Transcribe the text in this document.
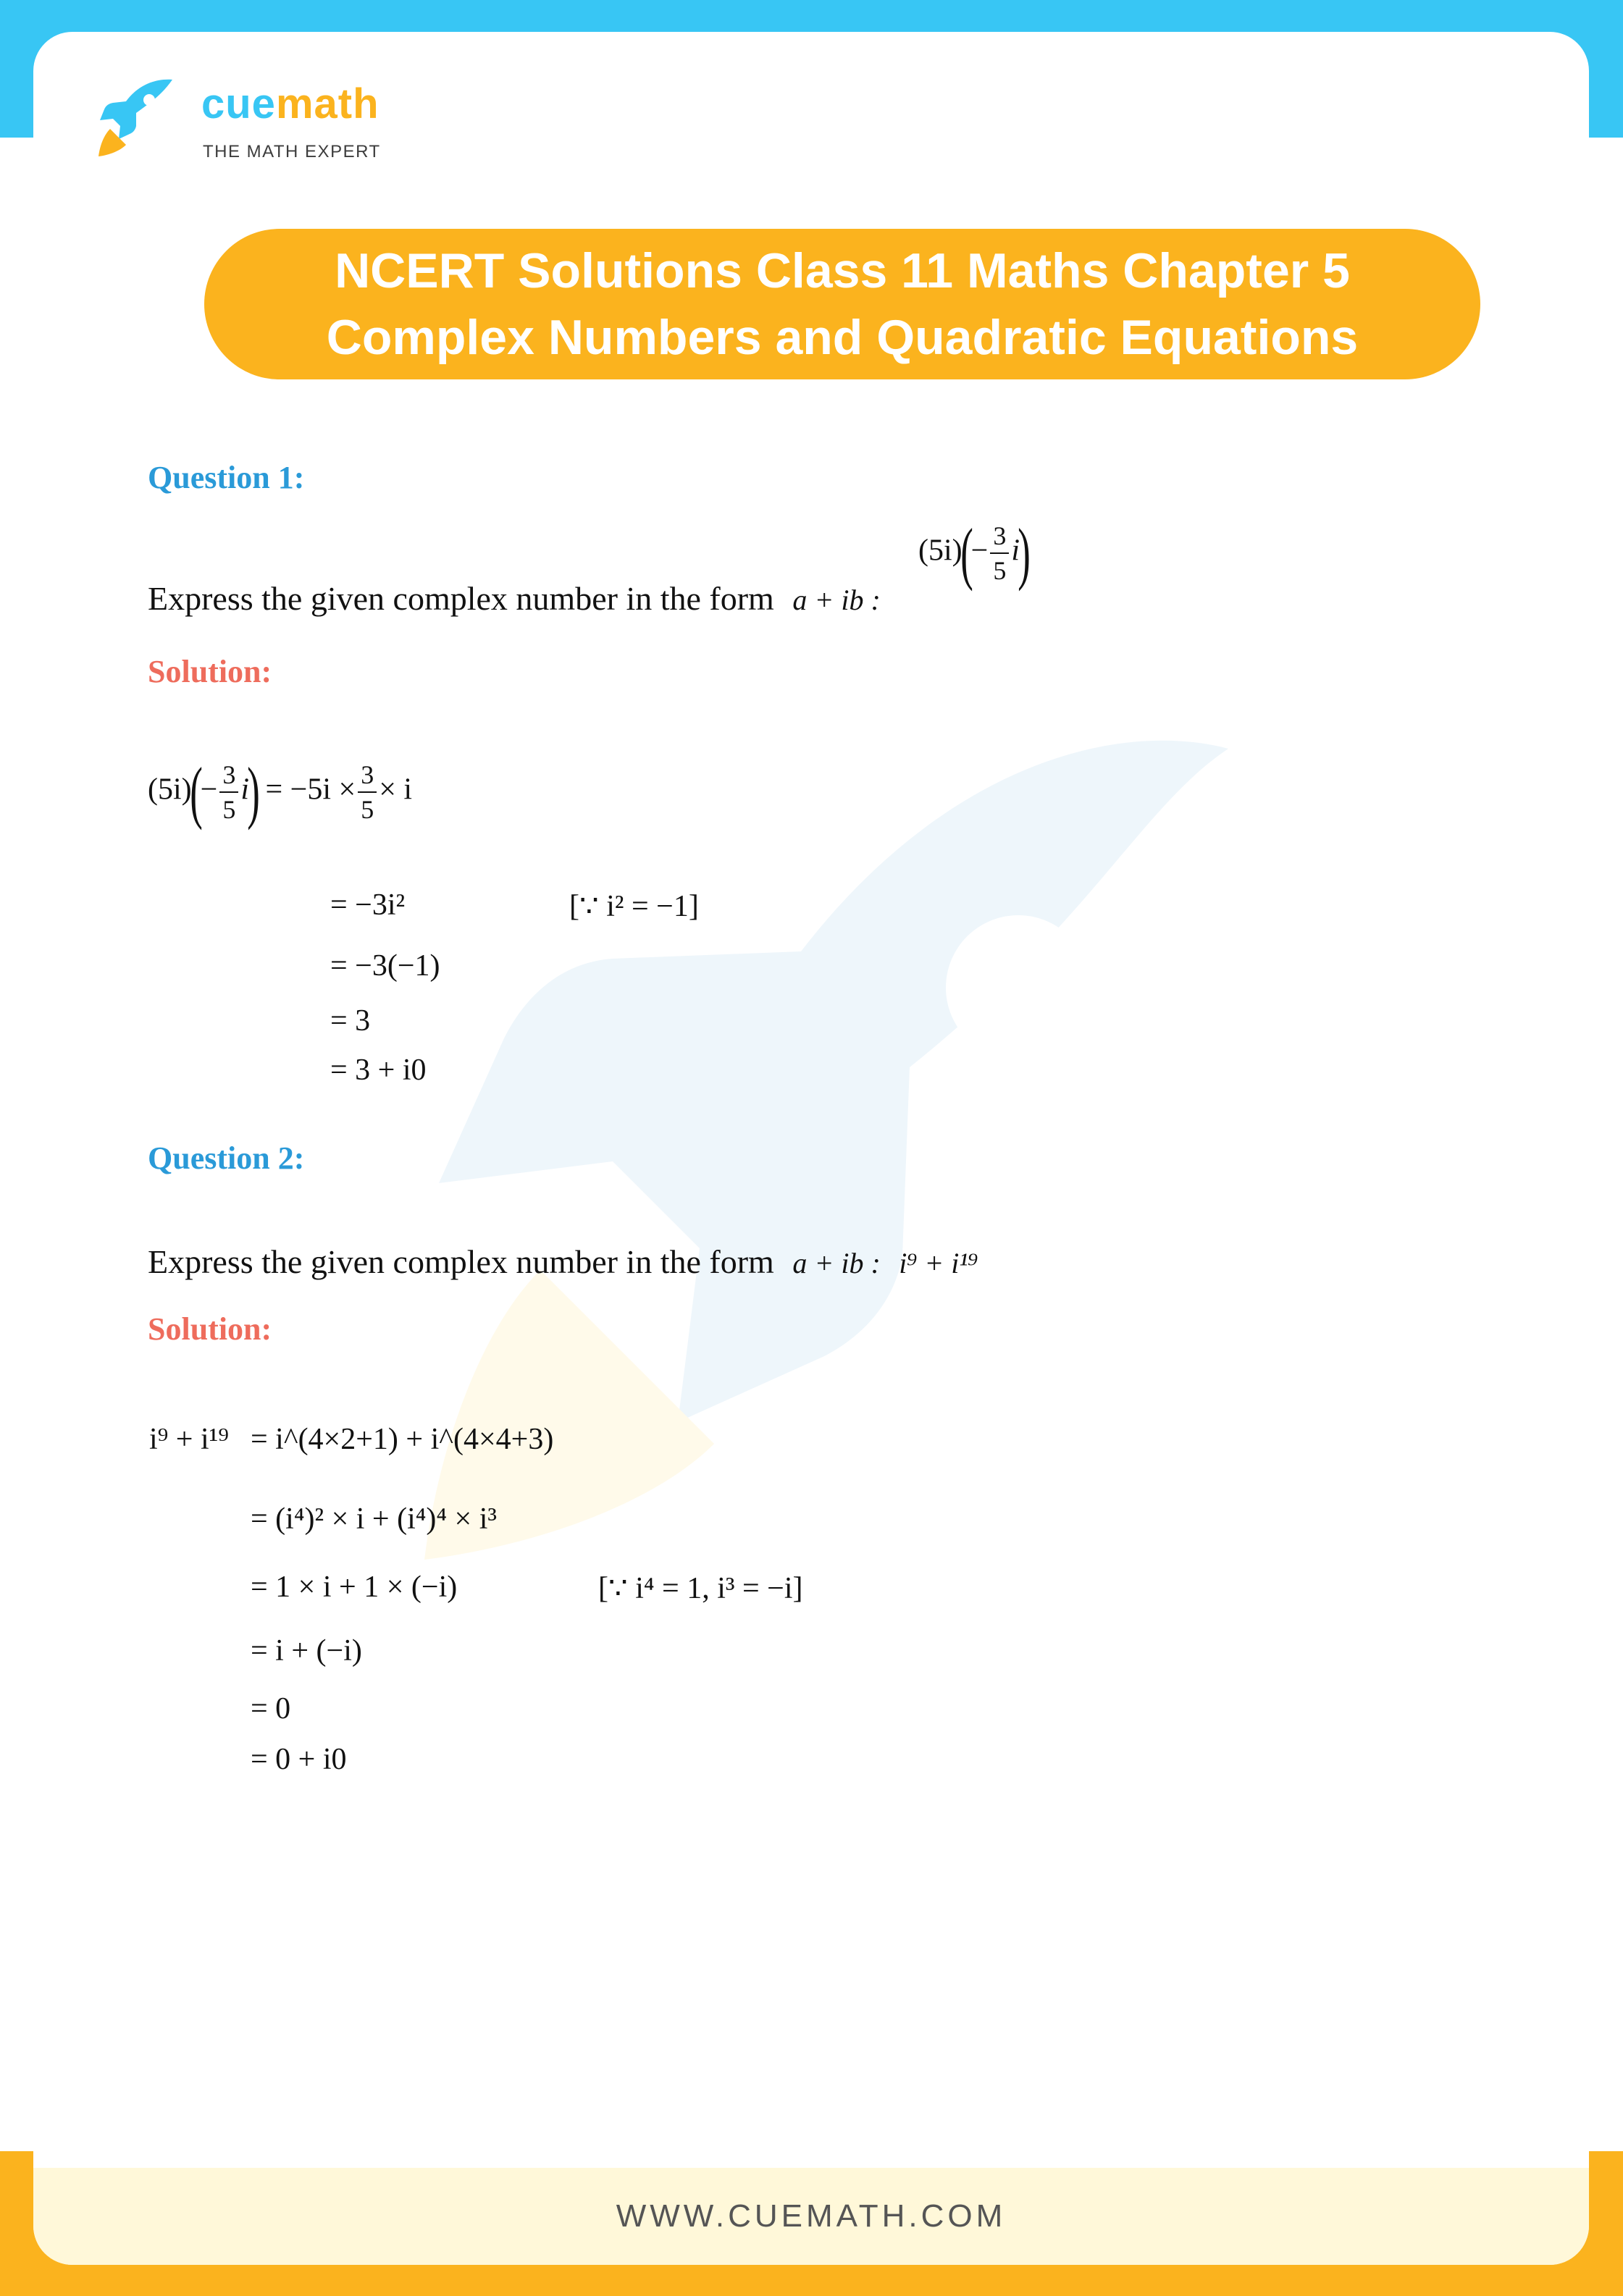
cuemath
THE MATH EXPERT
NCERT Solutions Class 11 Maths Chapter 5
Complex Numbers and Quadratic Equations
Question 1:
Express the given complex number in the form a + ib :
$(5i)(- \frac{3}{5} i)$
Solution:
$(5i)(- \frac{3}{5} i) = -5i \times \frac{3}{5} \times i$
= −3i²	[∵ i² = −1]
= −3(−1)
= 3
= 3 + i0
Question 2:
Express the given complex number in the form a + ib : i⁹ + i¹⁹
Solution:
i⁹ + i¹⁹ = i^(4×2+1) + i^(4×4+3)
= (i⁴)² × i + (i⁴)⁴ × i³
= 1 × i + 1 × (−i)	[∵ i⁴ = 1, i³ = −i]
= i + (−i)
= 0
= 0 + i0
WWW.CUEMATH.COM
